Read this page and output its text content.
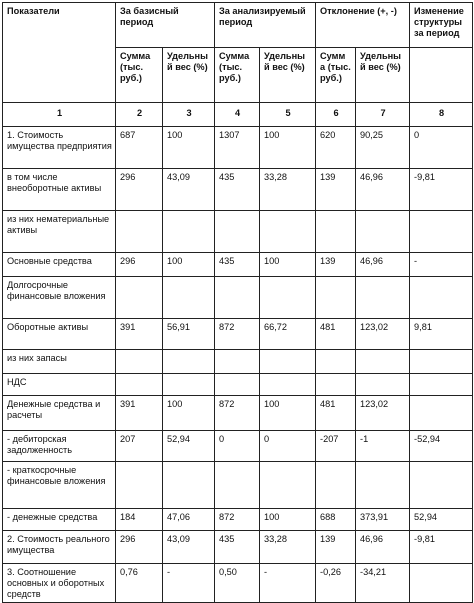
Показатели	За базисный период		За анализируемый период		Отклонение (+, -)		Изменение структуры за период
	Сумма (тыс. руб.)	Удельны й вес (%)	Сумма (тыс. руб.)	Удельны й вес (%)	Сумм а (тыс. руб.)	Удельны й вес (%)	
1	2	3	4	5	6	7	8
1. Стоимость имущества предприятия	687	100	1307	100	620	90,25	0
в том числе внеоборотные активы	296	43,09	435	33,28	139	46,96	-9,81
из них нематериальные активы							
Основные средства	296	100	435	100	139	46,96	-
Долгосрочные финансовые вложения							
Оборотные активы	391	56,91	872	66,72	481	123,02	9,81
из них запасы							
НДС							
Денежные средства и расчеты	391	100	872	100	481	123,02	
- дебиторская задолженность	207	52,94	0	0	-207	-1	-52,94
- краткосрочные финансовые вложения							
- денежные средства	184	47,06	872	100	688	373,91	52,94
2. Стоимость реального имущества	296	43,09	435	33,28	139	46,96	-9,81
3. Соотношение основных и оборотных средств	0,76	-	0,50	-	-0,26	-34,21	
